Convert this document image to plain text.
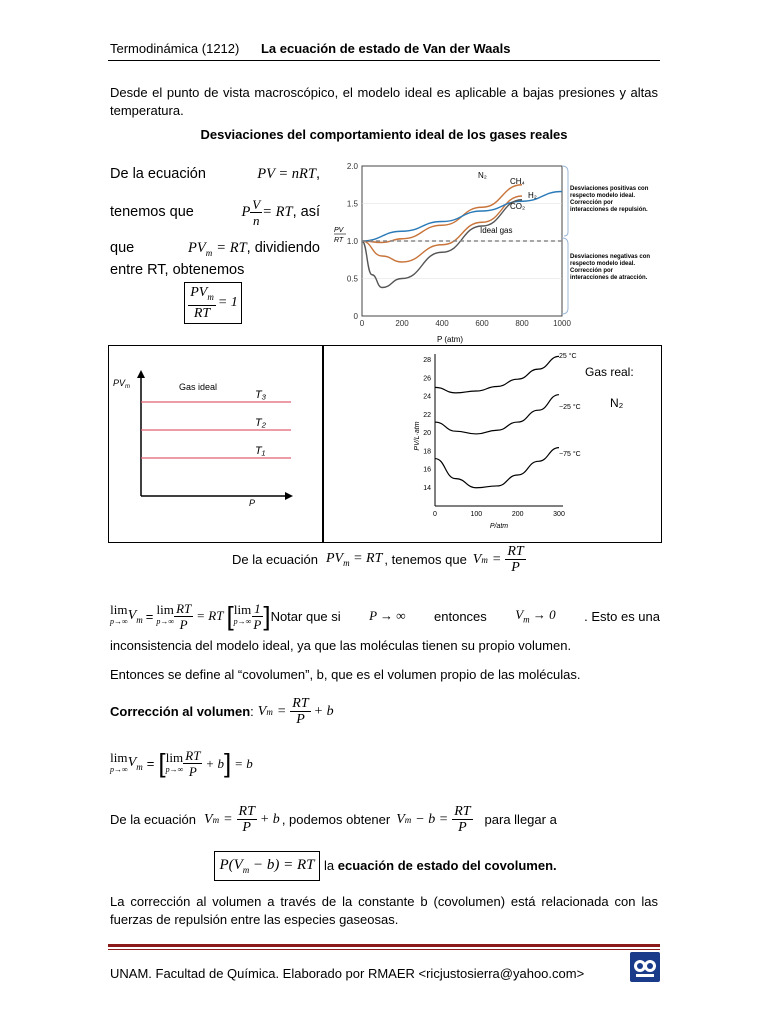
Termodinámica (1212) La ecuación de estado de Van der Waals
Desde el punto de vista macroscópico, el modelo ideal es aplicable a bajas presiones y altas temperatura.
Desviaciones del comportamiento ideal de los gases reales
De la ecuación	PV = nRT,
tenemos que	P $\frac{V}{n}$ = RT , así
que	$PV_m$ = RT, dividiendo
entre RT, obtenemos
$\frac{PV_m}{RT} = 1$
2.0
1.5
1.0
0.5
0
0	200	400	600	800	1000
PV
RT
P (atm)
N₂
CH₄
H₂
CO₂
Ideal gas
Desviaciones positivas con
respecto modelo ideal.
Corrección por
interacciones de repulsión.
Desviaciones negativas con
respecto modelo ideal.
Corrección por
interacciones de atracción.
$PV_m$	Gas ideal
P
T₃
T₂
T₁
28
26
24
22
20
18
16
14
0	100	200	300
PV/L·atm
P/atm
25 °C
−25 °C
−75 °C
Gas real:
N₂
De la ecuación $PV_m$ = RT , tenemos que V $m = \frac{RT}{P}$
lim
p→∞ $V_m = \lim$
$p\to\infty \frac{RT}{P}$ = RT [ lim
$p\to\infty \frac{1}{P}$ ] Notar que si P → ∞ entonces $V_m \to 0$ . Esto es una
inconsistencia del modelo ideal, ya que las moléculas tienen su propio volumen.
Entonces se define al “covolumen”, b, que es el volumen propio de las moléculas.
Corrección al volumen : V $m = \frac{RT}{P} + b$
lim
p→∞ $V_m$ = [ lim
$p\to\infty \frac{RT}{P} + b$ ] = b
De la ecuación V $m = \frac{RT}{P} + b$ , podemos obtener V $m - b = \frac{RT}{P}$ para llegar a
$P(V_m - b)$ = RT la ecuación de estado del covolumen.
La corrección al volumen a través de la constante b (covolumen) está relacionada con las fuerzas de repulsión entre las especies gaseosas.
UNAM. Facultad de Química. Elaborado por RMAER <ricjustosierra@yahoo.com>
